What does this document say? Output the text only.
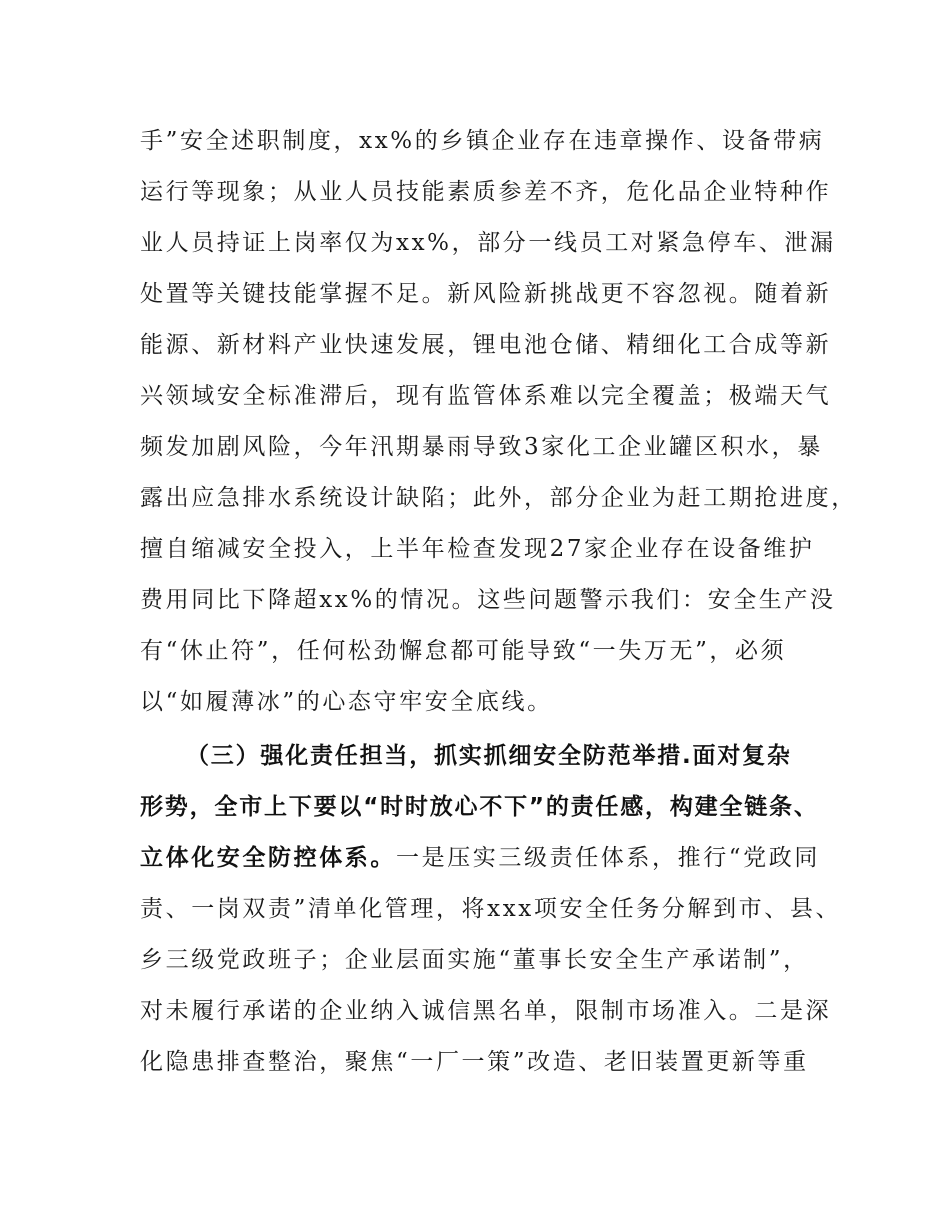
手”安全述职制度，xx%的乡镇企业存在违章操作、设备带病
运行等现象；从业人员技能素质参差不齐，危化品企业特种作
业人员持证上岗率仅为xx%，部分一线员工对紧急停车、泄漏
处置等关键技能掌握不足。新风险新挑战更不容忽视。随着新
能源、新材料产业快速发展，锂电池仓储、精细化工合成等新
兴领域安全标准滞后，现有监管体系难以完全覆盖；极端天气
频发加剧风险，今年汛期暴雨导致3家化工企业罐区积水，暴
露出应急排水系统设计缺陷；此外，部分企业为赶工期抢进度，
擅自缩减安全投入，上半年检查发现27家企业存在设备维护
费用同比下降超xx%的情况。这些问题警示我们：安全生产没
有“休止符”，任何松劲懈怠都可能导致“一失万无”，必须
以“如履薄冰”的心态守牢安全底线。
（三）强化责任担当，抓实抓细安全防范举措.面对复杂
形势，全市上下要以“时时放心不下”的责任感，构建全链条、
立体化安全防控体系。一是压实三级责任体系，推行“党政同
责、一岗双责”清单化管理，将xxx项安全任务分解到市、县、
乡三级党政班子；企业层面实施“董事长安全生产承诺制”，
对未履行承诺的企业纳入诚信黑名单，限制市场准入。二是深
化隐患排查整治，聚焦“一厂一策”改造、老旧装置更新等重
